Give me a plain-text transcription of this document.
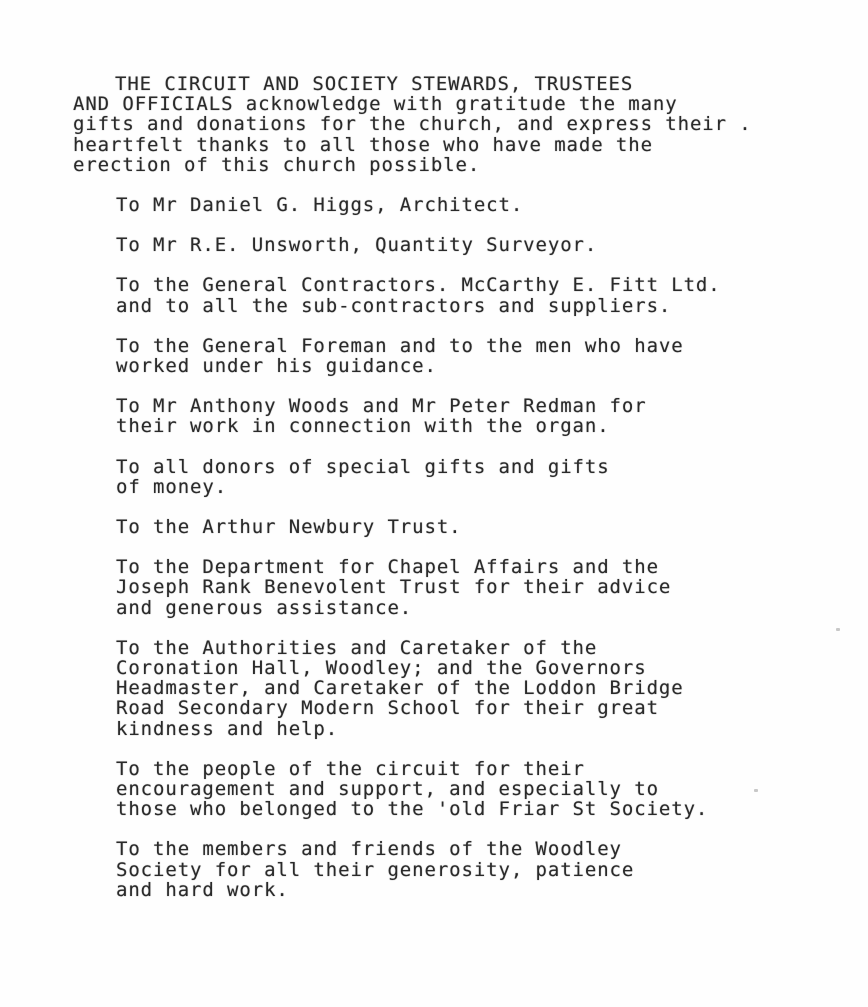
THE CIRCUIT AND SOCIETY STEWARDS, TRUSTEES
AND OFFICIALS acknowledge with gratitude the many
gifts and donations for the church, and express their .
heartfelt thanks to all those who have made the
erection of this church possible.
To Mr Daniel G. Higgs, Architect.
To Mr R.E. Unsworth, Quantity Surveyor.
To the General Contractors. McCarthy E. Fitt Ltd.
and to all the sub-contractors and suppliers.
To the General Foreman and to the men who have
worked under his guidance.
To Mr Anthony Woods and Mr Peter Redman for
their work in connection with the organ.
To all donors of special gifts and gifts
of money.
To the Arthur Newbury Trust.
To the Department for Chapel Affairs and the
Joseph Rank Benevolent Trust for their advice
and generous assistance.
To the Authorities and Caretaker of the
Coronation Hall, Woodley; and the Governors
Headmaster, and Caretaker of the Loddon Bridge
Road Secondary Modern School for their great
kindness and help.
To the people of the circuit for their
encouragement and support, and especially to
those who belonged to the 'old Friar St Society.
To the members and friends of the Woodley
Society for all their generosity, patience
and hard work.
